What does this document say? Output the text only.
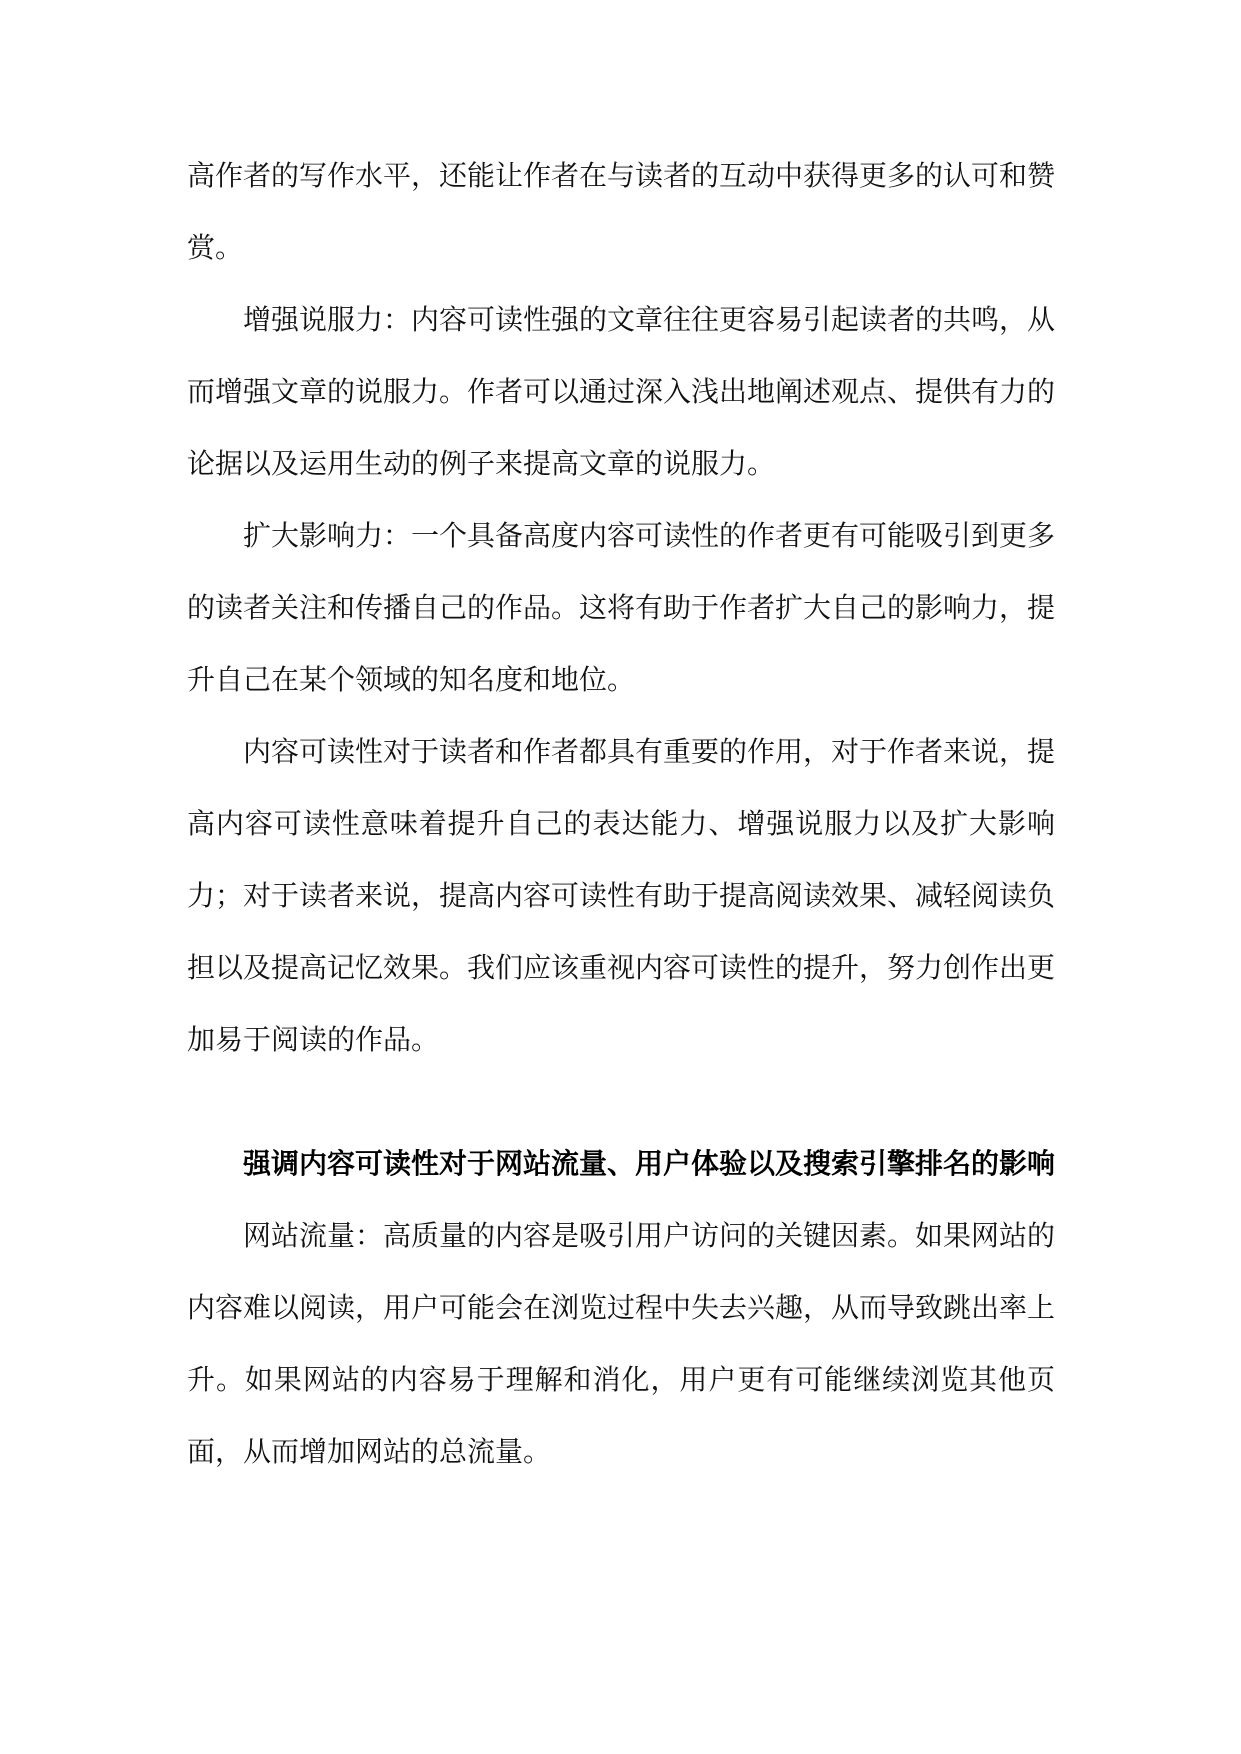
高作者的写作水平，还能让作者在与读者的互动中获得更多的认可和赞赏。

增强说服力：内容可读性强的文章往往更容易引起读者的共鸣，从而增强文章的说服力。作者可以通过深入浅出地阐述观点、提供有力的论据以及运用生动的例子来提高文章的说服力。

扩大影响力：一个具备高度内容可读性的作者更有可能吸引到更多的读者关注和传播自己的作品。这将有助于作者扩大自己的影响力，提升自己在某个领域的知名度和地位。

内容可读性对于读者和作者都具有重要的作用，对于作者来说，提高内容可读性意味着提升自己的表达能力、增强说服力以及扩大影响力；对于读者来说，提高内容可读性有助于提高阅读效果、减轻阅读负担以及提高记忆效果。我们应该重视内容可读性的提升，努力创作出更加易于阅读的作品。

强调内容可读性对于网站流量、用户体验以及搜索引擎排名的影响

网站流量：高质量的内容是吸引用户访问的关键因素。如果网站的内容难以阅读，用户可能会在浏览过程中失去兴趣，从而导致跳出率上升。如果网站的内容易于理解和消化，用户更有可能继续浏览其他页面，从而增加网站的总流量。
